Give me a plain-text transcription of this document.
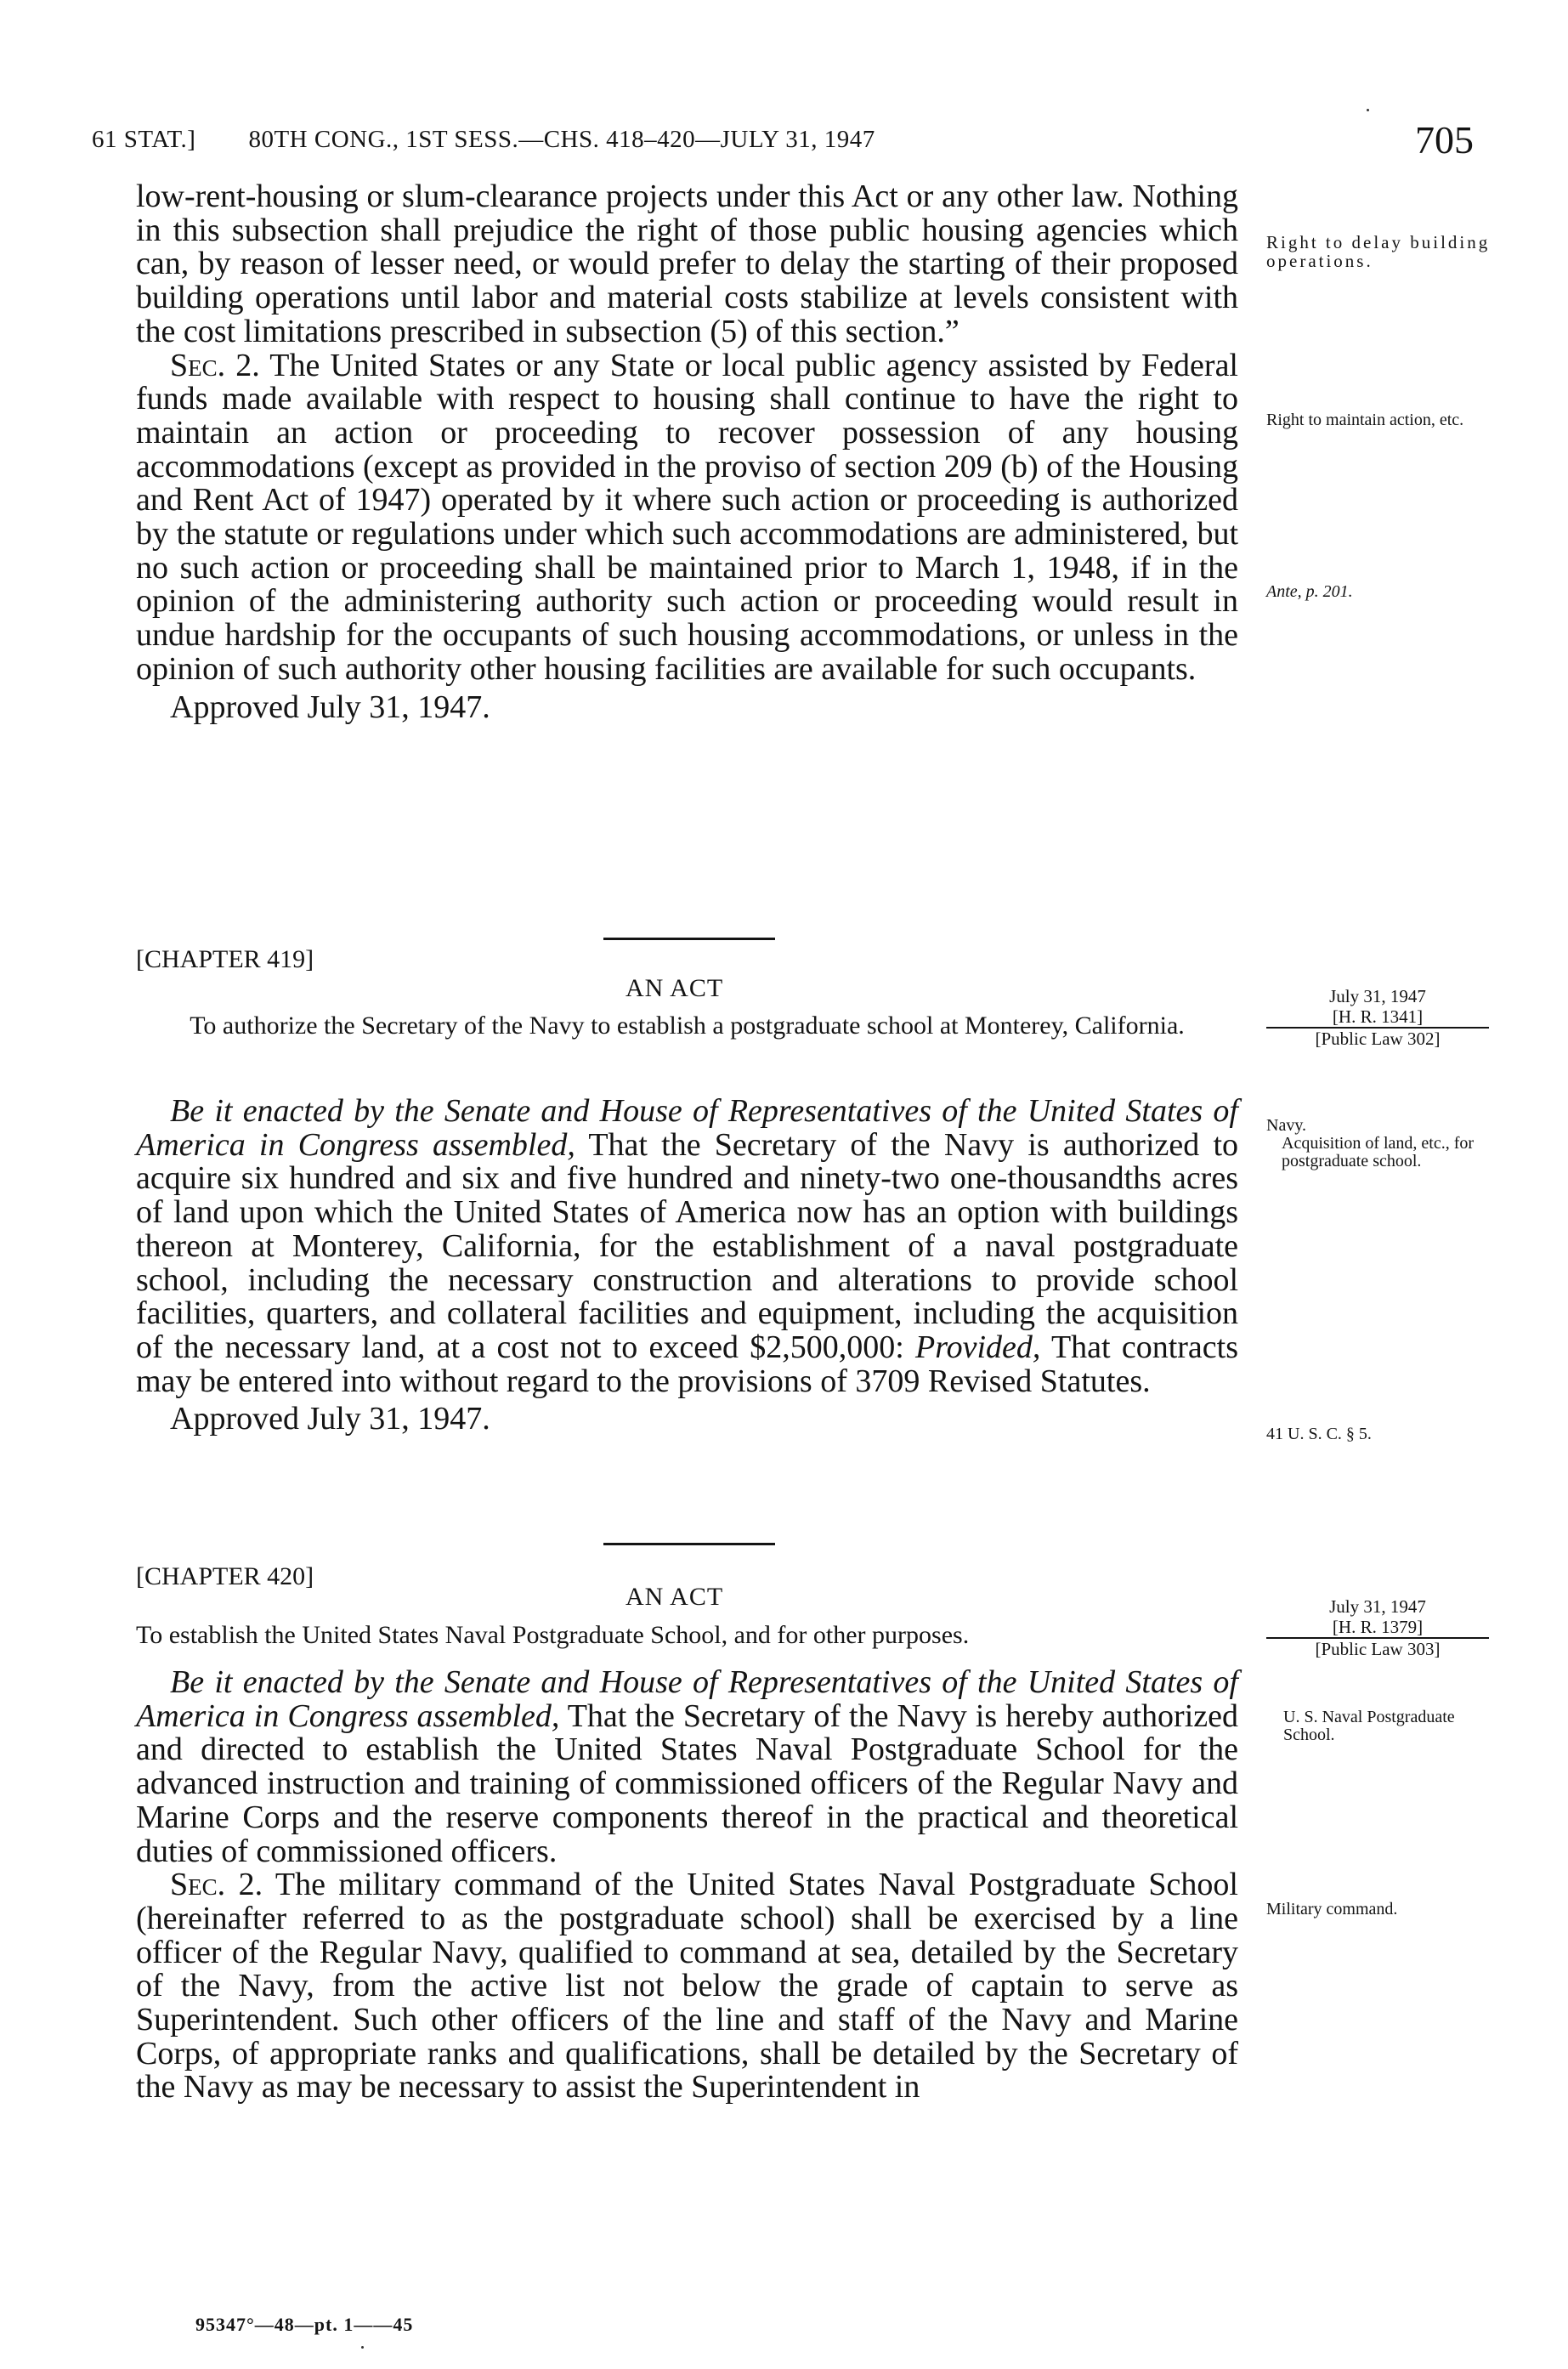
61 STAT.]        80TH CONG., 1ST SESS.—CHS. 418–420—JULY 31, 1947	705

low-rent-housing or slum-clearance projects under this Act or any other law. Nothing in this subsection shall prejudice the right of those public housing agencies which can, by reason of lesser need, or would prefer to delay the starting of their proposed building operations until labor and material costs stabilize at levels consistent with the cost limitations prescribed in subsection (5) of this section.”

Sec. 2. The United States or any State or local public agency assisted by Federal funds made available with respect to housing shall continue to have the right to maintain an action or proceeding to recover possession of any housing accommodations (except as provided in the proviso of section 209 (b) of the Housing and Rent Act of 1947) operated by it where such action or proceeding is authorized by the statute or regulations under which such accommodations are administered, but no such action or proceeding shall be maintained prior to March 1, 1948, if in the opinion of the administering authority such action or proceeding would result in undue hardship for the occupants of such housing accommodations, or unless in the opinion of such authority other housing facilities are available for such occupants.

Approved July 31, 1947.

[CHAPTER 419]
AN ACT
To authorize the Secretary of the Navy to establish a postgraduate school at Monterey, California.

Be it enacted by the Senate and House of Representatives of the United States of America in Congress assembled, That the Secretary of the Navy is authorized to acquire six hundred and six and five hundred and ninety-two one-thousandths acres of land upon which the United States of America now has an option with buildings thereon at Monterey, California, for the establishment of a naval postgraduate school, including the necessary construction and alterations to provide school facilities, quarters, and collateral facilities and equipment, including the acquisition of the necessary land, at a cost not to exceed $2,500,000: Provided, That contracts may be entered into without regard to the provisions of 3709 Revised Statutes.

Approved July 31, 1947.

[CHAPTER 420]
AN ACT
To establish the United States Naval Postgraduate School, and for other purposes.

Be it enacted by the Senate and House of Representatives of the United States of America in Congress assembled, That the Secretary of the Navy is hereby authorized and directed to establish the United States Naval Postgraduate School for the advanced instruction and training of commissioned officers of the Regular Navy and Marine Corps and the reserve components thereof in the practical and theoretical duties of commissioned officers.

Sec. 2. The military command of the United States Naval Postgraduate School (hereinafter referred to as the postgraduate school) shall be exercised by a line officer of the Regular Navy, qualified to command at sea, detailed by the Secretary of the Navy, from the active list not below the grade of captain to serve as Superintendent. Such other officers of the line and staff of the Navy and Marine Corps, of appropriate ranks and qualifications, shall be detailed by the Secretary of the Navy as may be necessary to assist the Superintendent in

Right to delay building operations.
Right to maintain action, etc.
Ante, p. 201.
July 31, 1947
[H. R. 1341]
[Public Law 302]
Navy.
Acquisition of land, etc., for postgraduate school.
41 U. S. C. § 5.
July 31, 1947
[H. R. 1379]
[Public Law 303]
U. S. Naval Postgraduate School.
Military command.
95347°—48—pt. 1——45
